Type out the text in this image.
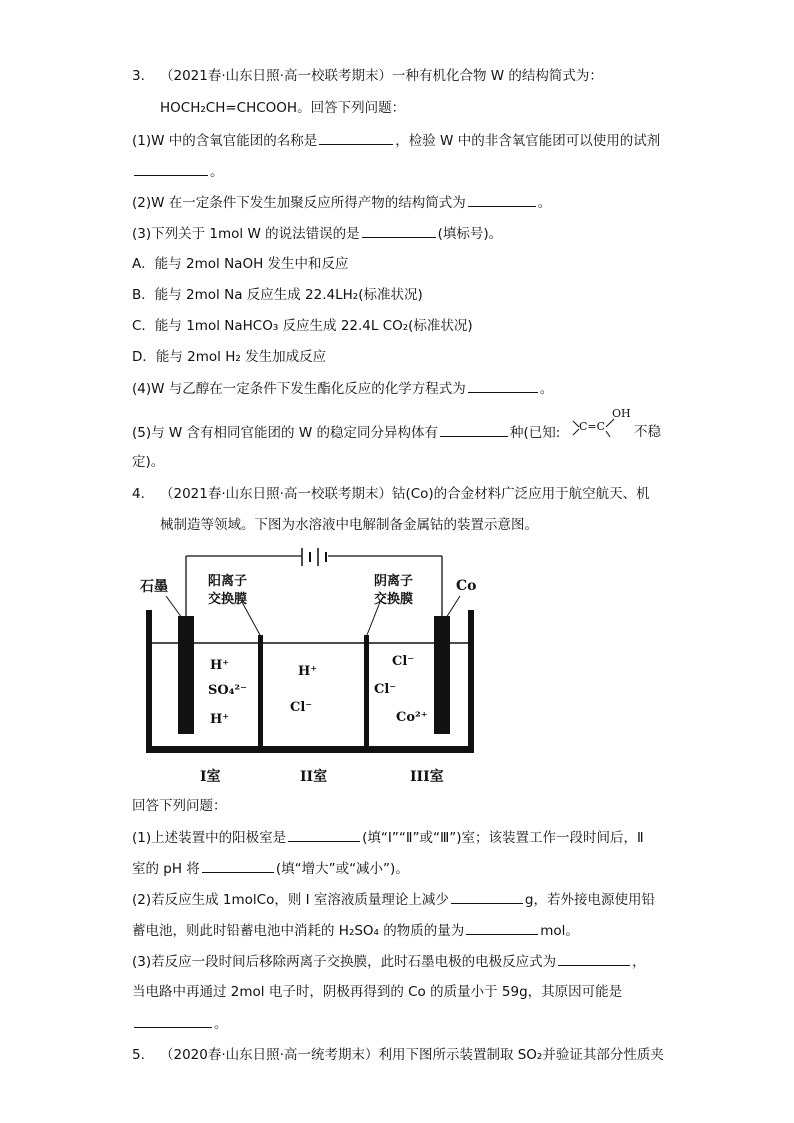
3. （2021春·山东日照·高一校联考期末）一种有机化合物 W 的结构简式为：
HOCH₂CH=CHCOOH。回答下列问题：
(1)W 中的含氧官能团的名称是	，检验 W 中的非含氧官能团可以使用的试剂
。
(2)W 在一定条件下发生加聚反应所得产物的结构简式为	。
(3)下列关于 1mol W 的说法错误的是	(填标号)。
A．能与 2mol NaOH 发生中和反应
B．能与 2mol Na 反应生成 22.4LH₂(标准状况)
C．能与 1mol NaHCO₃ 反应生成 22.4L CO₂(标准状况)
D．能与 2mol H₂ 发生加成反应
(4)W 与乙醇在一定条件下发生酯化反应的化学方程式为	。
(5)与 W 含有相同官能团的 W 的稳定同分异构体有	种(已知: C=C
OH
不稳
定)。
4. （2021春·山东日照·高一校联考期末）钴(Co)的合金材料广泛应用于航空航天、机
械制造等领域。下图为水溶液中电解制备金属钴的装置示意图。
石墨	阳离子
交换膜
阴离子
交换膜
Co
H⁺
SO₄²⁻
H⁺
H⁺
Cl⁻
Cl⁻
Cl⁻
Co²⁺
I室	II室	III室
回答下列问题：
(1)上述装置中的阳极室是	(填“I”“Ⅱ”或“Ⅲ”)室；该装置工作一段时间后，Ⅱ
室的 pH 将	(填“增大”或“减小”)。
(2)若反应生成 1molCo，则 I 室溶液质量理论上减少	g，若外接电源使用铅
蓄电池，则此时铅蓄电池中消耗的 H₂SO₄ 的物质的量为	mol。
(3)若反应一段时间后移除两离子交换膜，此时石墨电极的电极反应式为	，
当电路中再通过 2mol 电子时，阴极再得到的 Co 的质量小于 59g，其原因可能是
。
5. （2020春·山东日照·高一统考期末）利用下图所示装置制取 SO₂并验证其部分性质夹
